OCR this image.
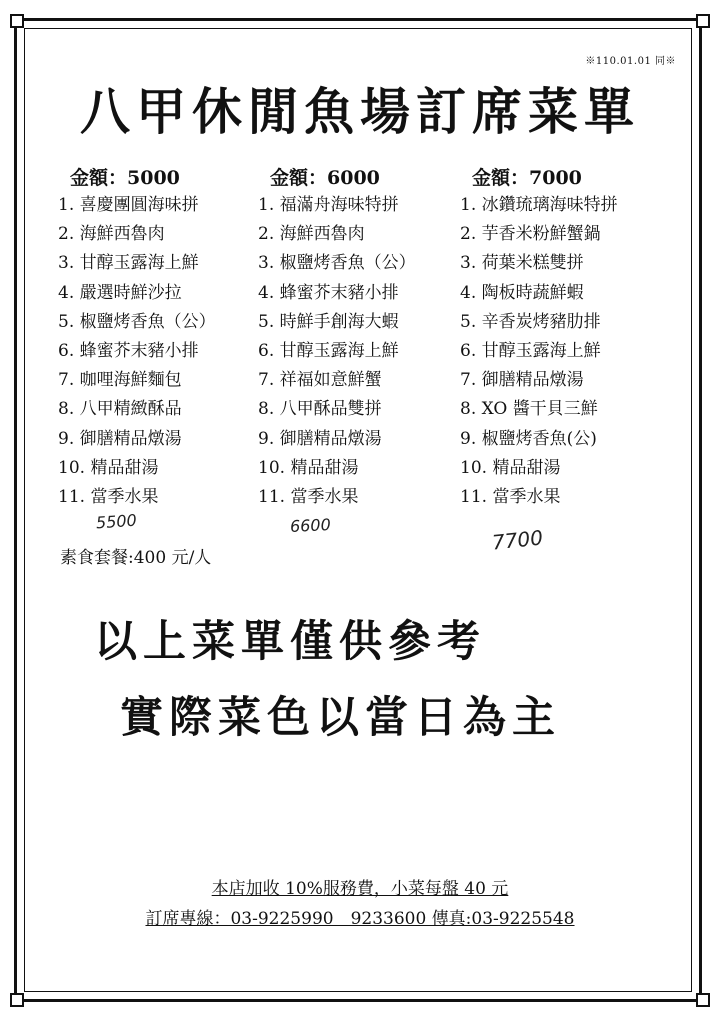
※110.01.01 同※
八甲休閒魚場訂席菜單
金額：5000
1. 喜慶團圓海味拼
2. 海鮮西魯肉
3. 甘醇玉露海上鮮
4. 嚴選時鮮沙拉
5. 椒鹽烤香魚（公）
6. 蜂蜜芥末豬小排
7. 咖哩海鮮麵包
8. 八甲精緻酥品
9. 御膳精品燉湯
10. 精品甜湯
11. 當季水果
金額：6000
1. 福滿舟海味特拼
2. 海鮮西魯肉
3. 椒鹽烤香魚（公）
4. 蜂蜜芥末豬小排
5. 時鮮手創海大蝦
6. 甘醇玉露海上鮮
7. 祥福如意鮮蟹
8. 八甲酥品雙拼
9. 御膳精品燉湯
10. 精品甜湯
11. 當季水果
金額：7000
1. 冰鑽琉璃海味特拼
2. 芋香米粉鮮蟹鍋
3. 荷葉米糕雙拼
4. 陶板時蔬鮮蝦
5. 辛香炭烤豬肋排
6. 甘醇玉露海上鮮
7. 御膳精品燉湯
8. XO 醬干貝三鮮
9. 椒鹽烤香魚(公)
10. 精品甜湯
11. 當季水果
5500	6600	7700
素食套餐:400 元/人
以上菜單僅供參考
實際菜色以當日為主
本店加收 10%服務費，小菜每盤 40 元
訂席專線：03-9225990　9233600 傳真:03-9225548
